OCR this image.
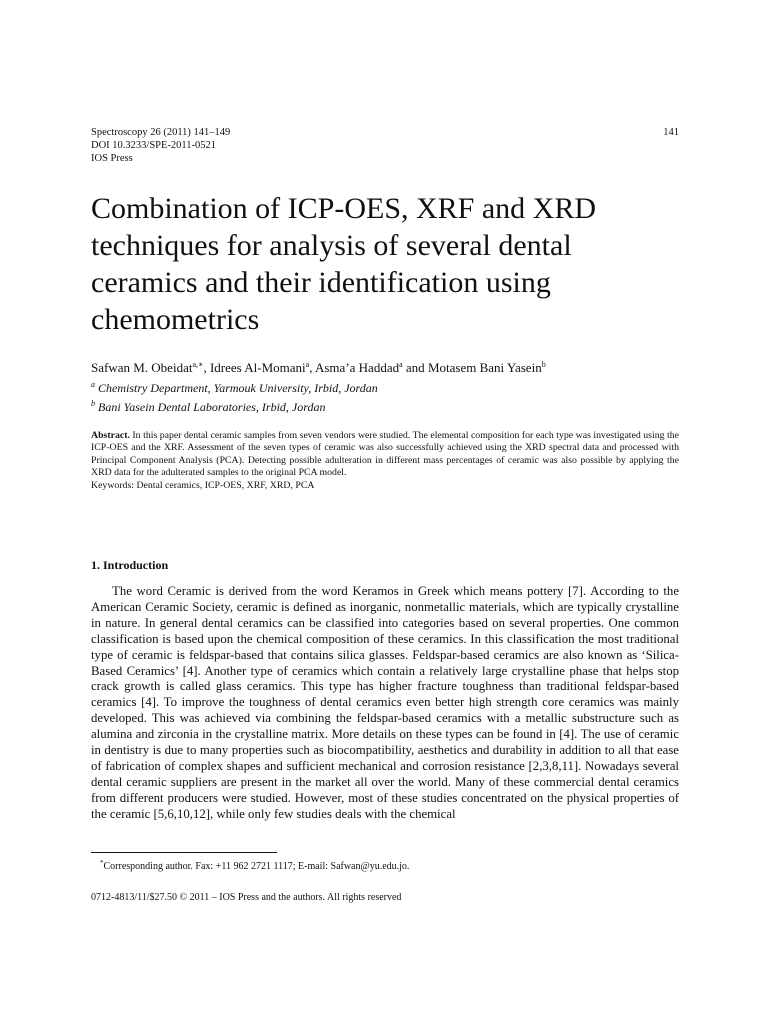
Spectroscopy 26 (2011) 141–149
DOI 10.3233/SPE-2011-0521
IOS Press
141
Combination of ICP-OES, XRF and XRD techniques for analysis of several dental ceramics and their identification using chemometrics
Safwan M. Obeidat$^{a,∗}$, Idrees Al-Momani$^a$, Asma’a Haddad$^a$ and Motasem Bani Yasein$^b$
$^a$ Chemistry Department, Yarmouk University, Irbid, Jordan
$^b$ Bani Yasein Dental Laboratories, Irbid, Jordan
Abstract. In this paper dental ceramic samples from seven vendors were studied. The elemental composition for each type was investigated using the ICP-OES and the XRF. Assessment of the seven types of ceramic was also successfully achieved using the XRD spectral data and processed with Principal Component Analysis (PCA). Detecting possible adulteration in different mass percentages of ceramic was also possible by applying the XRD data for the adulterated samples to the original PCA model.
Keywords: Dental ceramics, ICP-OES, XRF, XRD, PCA
1. Introduction

The word Ceramic is derived from the word Keramos in Greek which means pottery [7]. According to the American Ceramic Society, ceramic is defined as inorganic, nonmetallic materials, which are typically crystalline in nature. In general dental ceramics can be classified into categories based on several properties. One common classification is based upon the chemical composition of these ceramics. In this classification the most traditional type of ceramic is feldspar-based that contains silica glasses. Feldspar-based ceramics are also known as ‘Silica-Based Ceramics’ [4]. Another type of ceramics which contain a relatively large crystalline phase that helps stop crack growth is called glass ceramics. This type has higher fracture toughness than traditional feldspar-based ceramics [4]. To improve the toughness of dental ceramics even better high strength core ceramics was mainly developed. This was achieved via combining the feldspar-based ceramics with a metallic substructure such as alumina and zirconia in the crystalline matrix. More details on these types can be found in [4]. The use of ceramic in dentistry is due to many properties such as biocompatibility, aesthetics and durability in addition to all that ease of fabrication of complex shapes and sufficient mechanical and corrosion resistance [2,3,8,11]. Nowadays several dental ceramic suppliers are present in the market all over the world. Many of these commercial dental ceramics from different producers were studied. However, most of these studies concentrated on the physical properties of the ceramic [5,6,10,12], while only few studies deals with the chemical

*Corresponding author. Fax: +11 962 2721 1117; E-mail: Safwan@yu.edu.jo.
0712-4813/11/$27.50 © 2011 – IOS Press and the authors. All rights reserved
